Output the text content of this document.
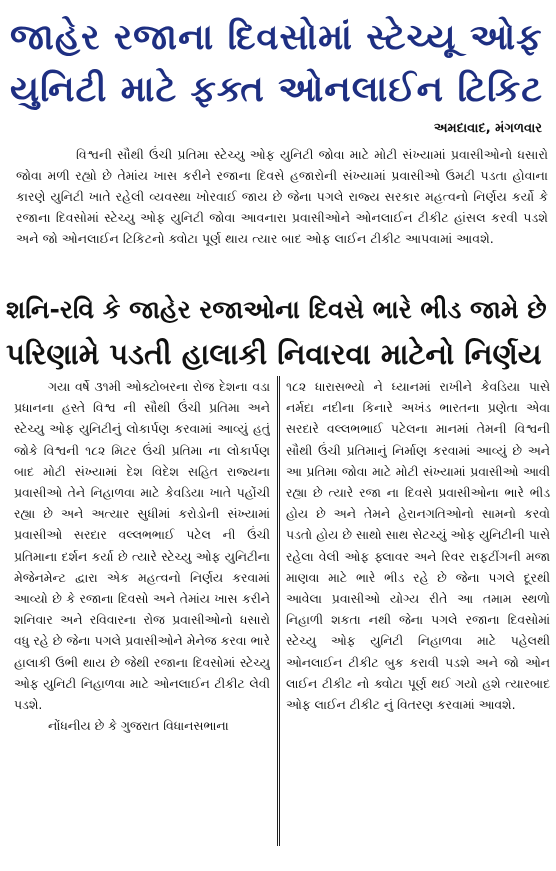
જાહેર રજાના દિવસોમાં સ્ટેચ્યૂ ઓફ
યુનિટી માટે ફક્ત ઓનલાઈન ટિકિટ
અમદાવાદ, મંગળવાર

વિશ્વની સૌથી ઉંચી પ્રતિમા સ્ટેચ્યુ ઓફ યુનિટી જોવા માટે મોટી સંખ્યામાં પ્રવાસીઓનો ધસારો જોવા મળી રહ્યો છે તેમાંય ખાસ કરીને રજાના દિવસે હજારોની સંખ્યામાં પ્રવાસીઓ ઉમટી પડતા હોવાના કારણે યુનિટી ખાતે રહેલી વ્યવસ્થા ખોરવાઈ જાય છે જેના પગલે રાજ્ય સરકાર મહત્વનો નિર્ણય કર્યો કે રજાના દિવસોમાં સ્ટેચ્યુ ઓફ યુનિટી જોવા આવનારા પ્રવાસીઓને ઓનલાઈન ટીકીટ હાંસલ કરવી પડશે અને જો ઓનલાઈન ટિકિટનો ક્વોટા પૂર્ણ થાય ત્યાર બાદ ઓફ લાઈન ટીકીટ આપવામાં આવશે.

શનિ-રવિ કે જાહેર રજાઓના દિવસે ભારે ભીડ જામે છે
પરિણામે પડતી હાલાકી નિવારવા માટેનો નિર્ણય

ગયા વર્ષે ૩૧મી ઓક્ટોબરના રોજ દેશના વડા પ્રધાનના હસ્તે વિશ્વ ની સૌથી ઉંચી પ્રતિમા અને સ્ટેચ્યુ ઓફ યુનિટીનું લોકાર્પણ કરવામાં આવ્યું હતું જોકે વિશ્વની ૧૮૨ મિટર ઉંચી પ્રતિમા ના લોકાર્પણ બાદ મોટી સંખ્યામાં દેશ વિદેશ સહિત રાજ્યના પ્રવાસીઓ તેને નિહાળવા માટે કેવડિયા ખાતે પહોંચી રહ્યા છે અને અત્યાર સુધીમાં કરોડોની સંખ્યામાં પ્રવાસીઓ સરદાર વલ્લભભાઈ પટેલ ની ઉંચી પ્રતિમાના દર્શન કર્યા છે ત્યારે સ્ટેચ્યુ ઓફ યુનિટીના મેજેનમેન્ટ દ્વારા એક મહત્વનો નિર્ણય કરવામાં આવ્યો છે કે રજાના દિવસો અને તેમાંય ખાસ કરીને શનિવાર અને રવિવારના રોજ પ્રવાસીઓનો ધસારો વધુ રહે છે જેના પગલે પ્રવાસીઓને મેનેજ કરવા ભારે હાલાકી ઉભી થાય છે જેથી રજાના દિવસોમાં સ્ટેચ્યુ ઓફ યુનિટી નિહાળવા માટે ઓનલાઈન ટીકીટ લેવી પડશે.

નોંધનીય છે કે ગુજરાત વિધાનસભાના

૧૮૨ ધારાસભ્યો ને ધ્યાનમાં રાખીને કેવડિયા પાસે નર્મદા નદીના કિનારે અખંડ ભારતના પ્રણેતા એવા સરદારે વલ્લભભાઈ પટેલના માનમાં તેમની વિશ્વની સૌથી ઉંચી પ્રતિમાનું નિર્માણ કરવામાં આવ્યું છે અને આ પ્રતિમા જોવા માટે મોટી સંખ્યામાં પ્રવાસીઓ આવી રહ્યા છે ત્યારે રજા ના દિવસે પ્રવાસીઓના ભારે ભીડ હોય છે અને તેમને હેરાનગતિઓનો સામનો કરવો પડતો હોય છે સાથો સાથ સેટચ્યું ઓફ યુનિટીની પાસે રહેલા વેલી ઓફ ફ્લાવર અને રિવર રાફટીંગની મજા માણવા માટે ભારે ભીડ રહે છે જેના પગલે દૂરથી આવેલા પ્રવાસીઓ યોગ્ય રીતે આ તમામ સ્થળો નિહાળી શકતા નથી જેના પગલે રજાના દિવસોમાં સ્ટેચ્યુ ઓફ યુનિટી નિહાળવા માટે પહેલથી ઓનલાઈન ટીકીટ બુક કરાવી પડશે અને જો ઓન લાઈન ટીકીટ નો ક્વોટા પૂર્ણ થઈ ગયો હશે ત્યારબાદ ઓફ લાઈન ટીકીટ નું વિતરણ કરવામાં આવશે.
